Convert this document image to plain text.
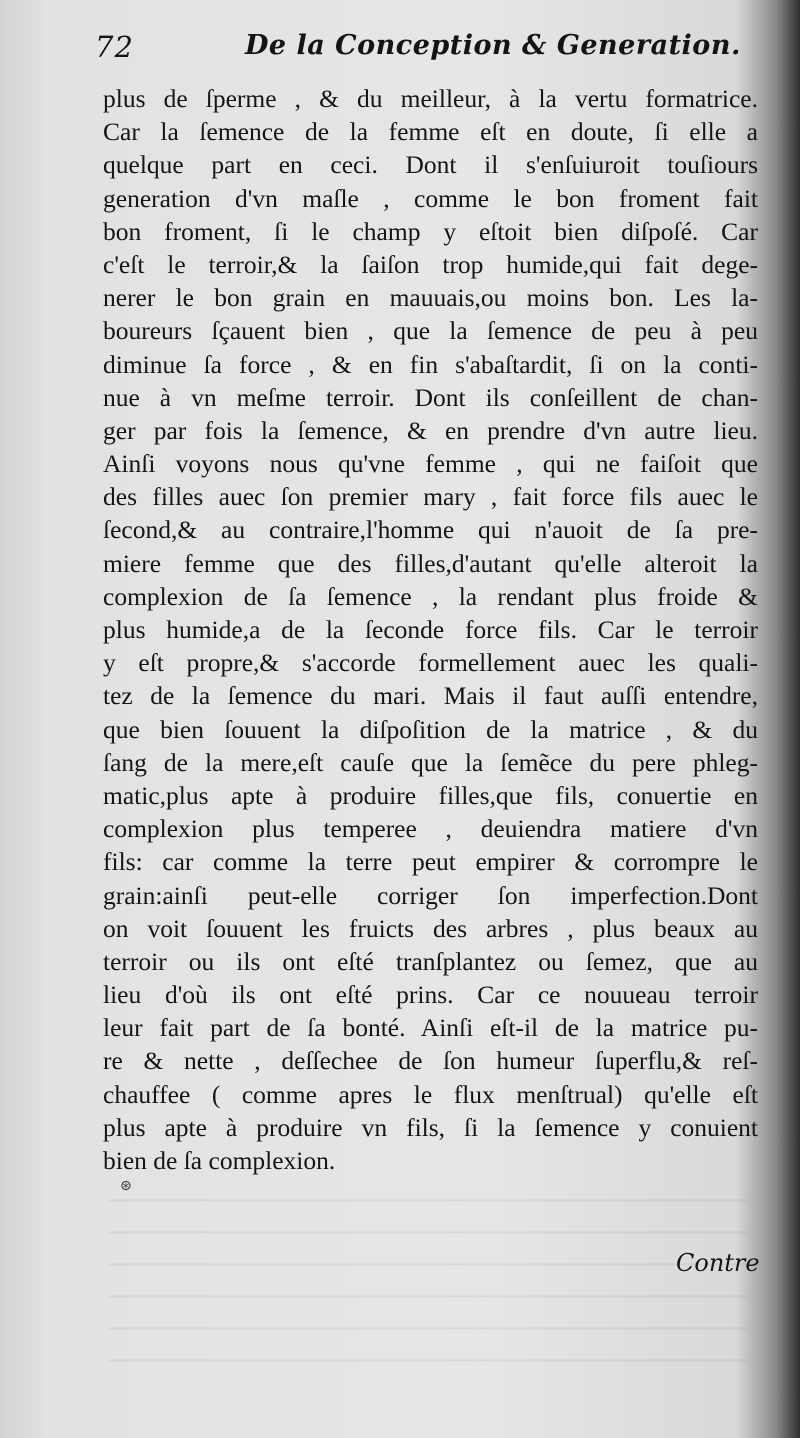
72	De la Conception & Generation.
plus de ſperme , & du meilleur, à la vertu formatrice.
Car la ſemence de la femme eſt en doute, ſi elle a
quelque part en ceci. Dont il s'enſuiuroit touſiours
generation d'vn maſle , comme le bon froment fait
bon froment, ſi le champ y eſtoit bien diſpoſé. Car
c'eſt le terroir,& la ſaiſon trop humide,qui fait dege-
nerer le bon grain en mauuais,ou moins bon. Les la-
boureurs ſçauent bien , que la ſemence de peu à peu
diminue ſa force , & en fin s'abaſtardit, ſi on la conti-
nue à vn meſme terroir. Dont ils conſeillent de chan-
ger par fois la ſemence, & en prendre d'vn autre lieu.
Ainſi voyons nous qu'vne femme , qui ne faiſoit que
des filles auec ſon premier mary , fait force fils auec le
ſecond,& au contraire,l'homme qui n'auoit de ſa pre-
miere femme que des filles,d'autant qu'elle alteroit la
complexion de ſa ſemence , la rendant plus froide &
plus humide,a de la ſeconde force fils. Car le terroir
y eſt propre,& s'accorde formellement auec les quali-
tez de la ſemence du mari. Mais il faut auſſi entendre,
que bien ſouuent la diſpoſition de la matrice , & du
ſang de la mere,eſt cauſe que la ſemẽce du pere phleg-
matic,plus apte à produire filles,que fils, conuertie en
complexion plus temperee , deuiendra matiere d'vn
fils: car comme la terre peut empirer & corrompre le
grain:ainſi peut-elle corriger ſon imperfection.Dont
on voit ſouuent les fruicts des arbres , plus beaux au
terroir ou ils ont eſté tranſplantez ou ſemez, que au
lieu d'où ils ont eſté prins. Car ce nouueau terroir
leur fait part de ſa bonté. Ainſi eſt-il de la matrice pu-
re & nette , deſſechee de ſon humeur ſuperflu,& reſ-
chauffee ( comme apres le flux menſtrual) qu'elle eſt
plus apte à produire vn fils, ſi la ſemence y conuient
bien de ſa complexion.
⊛
Contre
